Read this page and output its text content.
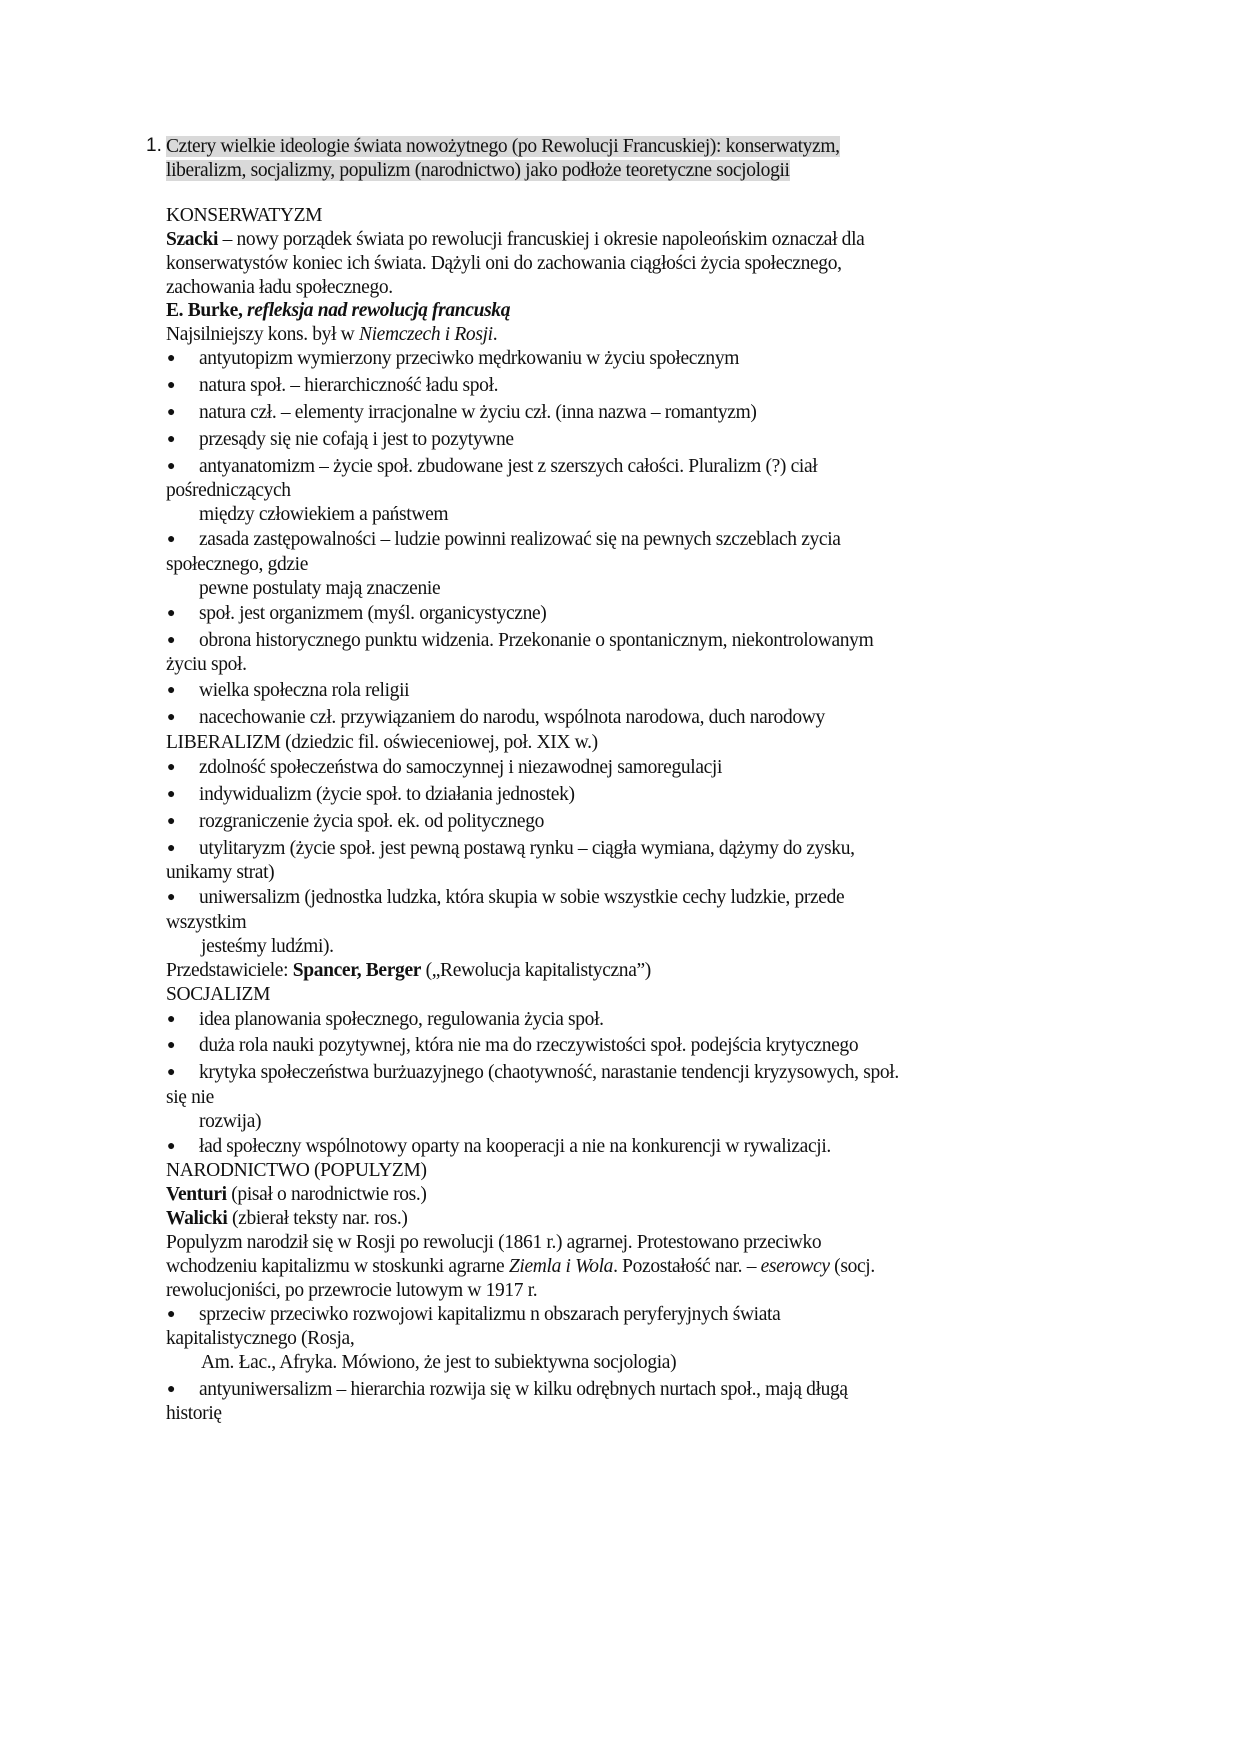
1. Cztery wielkie ideologie świata nowożytnego (po Rewolucji Francuskiej): konserwatyzm,
liberalizm, socjalizmy, populizm (narodnictwo) jako podłoże teoretyczne socjologii
KONSERWATYZM
Szacki – nowy porządek świata po rewolucji francuskiej i okresie napoleońskim oznaczał dla
konserwatystów koniec ich świata. Dążyli oni do zachowania ciągłości życia społecznego,
zachowania ładu społecznego.
E. Burke, refleksja nad rewolucją francuską
Najsilniejszy kons. był w Niemczech i Rosji.
● antyutopizm wymierzony przeciwko mędrkowaniu w życiu społecznym
● natura społ. – hierarchiczność ładu społ.
● natura czł. – elementy irracjonalne w życiu czł. (inna nazwa – romantyzm)
● przesądy się nie cofają i jest to pozytywne
● antyanatomizm – życie społ. zbudowane jest z szerszych całości. Pluralizm (?) ciał
pośredniczących
między człowiekiem a państwem
● zasada zastępowalności – ludzie powinni realizować się na pewnych szczeblach zycia
społecznego, gdzie
pewne postulaty mają znaczenie
● społ. jest organizmem (myśl. organicystyczne)
● obrona historycznego punktu widzenia. Przekonanie o spontanicznym, niekontrolowanym
życiu społ.
● wielka społeczna rola religii
● nacechowanie czł. przywiązaniem do narodu, wspólnota narodowa, duch narodowy
LIBERALIZM (dziedzic fil. oświeceniowej, poł. XIX w.)
● zdolność społeczeństwa do samoczynnej i niezawodnej samoregulacji
● indywidualizm (życie społ. to działania jednostek)
● rozgraniczenie życia społ. ek. od politycznego
● utylitaryzm (życie społ. jest pewną postawą rynku – ciągła wymiana, dążymy do zysku,
unikamy strat)
● uniwersalizm (jednostka ludzka, która skupia w sobie wszystkie cechy ludzkie, przede
wszystkim
jesteśmy ludźmi).
Przedstawiciele: Spancer, Berger („Rewolucja kapitalistyczna”)
SOCJALIZM
● idea planowania społecznego, regulowania życia społ.
● duża rola nauki pozytywnej, która nie ma do rzeczywistości społ. podejścia krytycznego
● krytyka społeczeństwa burżuazyjnego (chaotywność, narastanie tendencji kryzysowych, społ.
się nie
rozwija)
● ład społeczny wspólnotowy oparty na kooperacji a nie na konkurencji w rywalizacji.
NARODNICTWO (POPULYZM)
Venturi (pisał o narodnictwie ros.)
Walicki (zbierał teksty nar. ros.)
Populyzm narodził się w Rosji po rewolucji (1861 r.) agrarnej. Protestowano przeciwko
wchodzeniu kapitalizmu w stoskunki agrarne Ziemla i Wola. Pozostałość nar. – eserowcy (socj.
rewolucjoniści, po przewrocie lutowym w 1917 r.
● sprzeciw przeciwko rozwojowi kapitalizmu n obszarach peryferyjnych świata
kapitalistycznego (Rosja,
Am. Łac., Afryka. Mówiono, że jest to subiektywna socjologia)
● antyuniwersalizm – hierarchia rozwija się w kilku odrębnych nurtach społ., mają długą
historię
